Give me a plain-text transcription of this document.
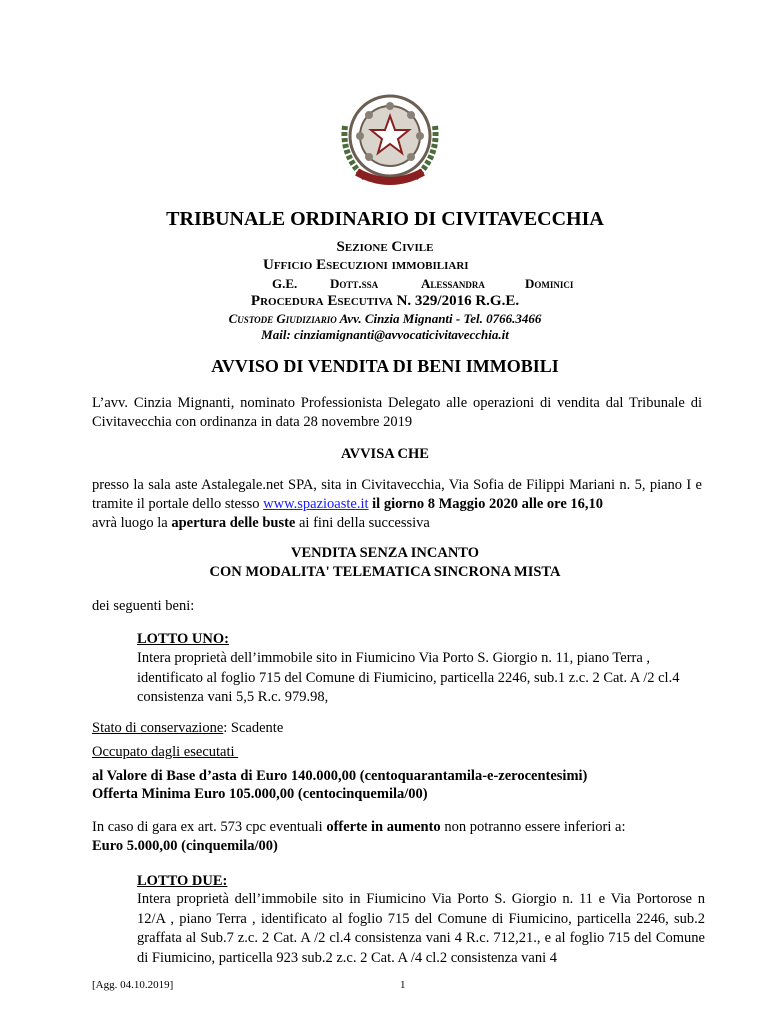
TRIBUNALE ORDINARIO DI CIVITAVECCHIA
Sezione Civile
Ufficio Esecuzioni immobiliari
G.E.	Dott.ssa	Alessandra	Dominici
Procedura Esecutiva N. 329/2016 R.G.E.
Custode Giudiziario Avv. Cinzia Mignanti - Tel. 0766.3466
Mail: cinziamignanti@avvocaticivitavecchia.it
AVVISO DI VENDITA DI BENI IMMOBILI
L’avv. Cinzia Mignanti, nominato Professionista Delegato alle operazioni di vendita dal Tribunale di Civitavecchia con ordinanza in data 28 novembre 2019
AVVISA CHE
presso la sala aste Astalegale.net SPA, sita in Civitavecchia, Via Sofia de Filippi Mariani n. 5, piano I e tramite il portale dello stesso www.spazioaste.it il giorno 8 Maggio 2020 alle ore 16,10
avrà luogo la apertura delle buste ai fini della successiva
VENDITA SENZA INCANTO
CON MODALITA' TELEMATICA SINCRONA MISTA
dei seguenti beni:
LOTTO UNO:
Intera proprietà dell’immobile sito in Fiumicino Via Porto S. Giorgio n. 11, piano Terra , identificato al foglio 715 del Comune di Fiumicino, particella 2246, sub.1 z.c. 2 Cat. A /2 cl.4 consistenza vani 5,5 R.c. 979.98,
Stato di conservazione: Scadente
Occupato dagli esecutati
al Valore di Base d’asta di Euro 140.000,00 (centoquarantamila-e-zerocentesimi)
Offerta Minima Euro 105.000,00 (centocinquemila/00)
In caso di gara ex art. 573 cpc eventuali offerte in aumento non potranno essere inferiori a:
Euro 5.000,00 (cinquemila/00)
LOTTO DUE:
Intera proprietà dell’immobile sito in Fiumicino Via Porto S. Giorgio n. 11 e Via Portorose n 12/A , piano Terra , identificato al foglio 715 del Comune di Fiumicino, particella 2246, sub.2 graffata al Sub.7 z.c. 2 Cat. A /2 cl.4 consistenza vani 4 R.c. 712,21., e al foglio 715 del Comune di Fiumicino, particella 923 sub.2 z.c. 2 Cat. A /4 cl.2 consistenza vani 4
[Agg. 04.10.2019]	1
